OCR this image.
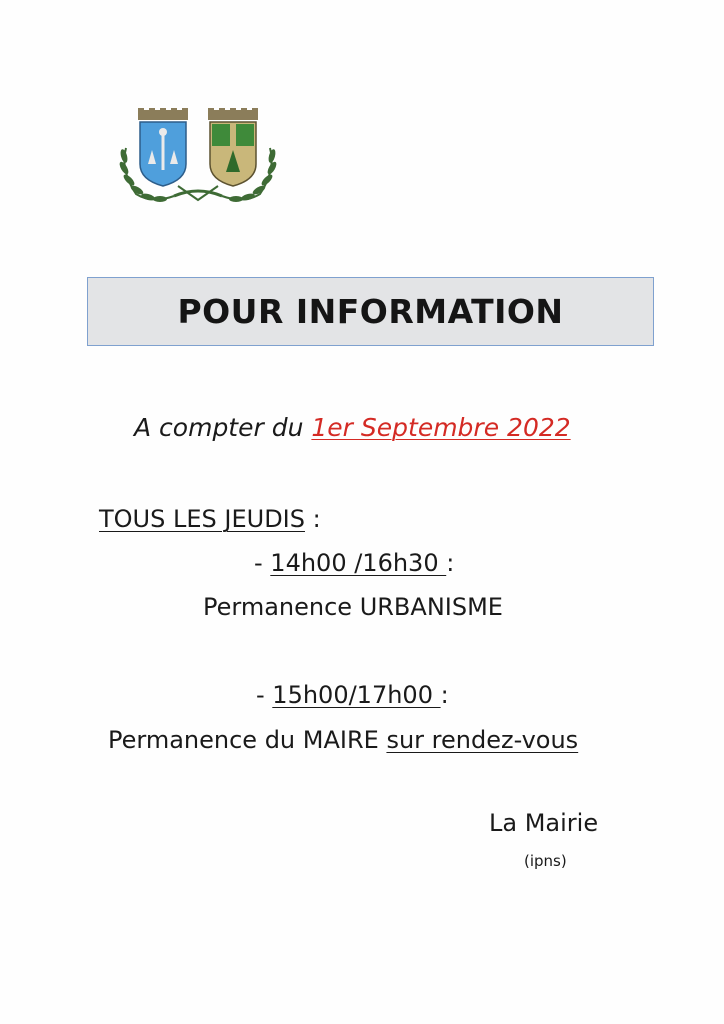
POUR INFORMATION
A compter du 1er Septembre 2022
TOUS LES JEUDIS :
- 14h00 /16h30 :
Permanence URBANISME
- 15h00/17h00 :
Permanence du MAIRE sur rendez-vous
La Mairie
(ipns)
